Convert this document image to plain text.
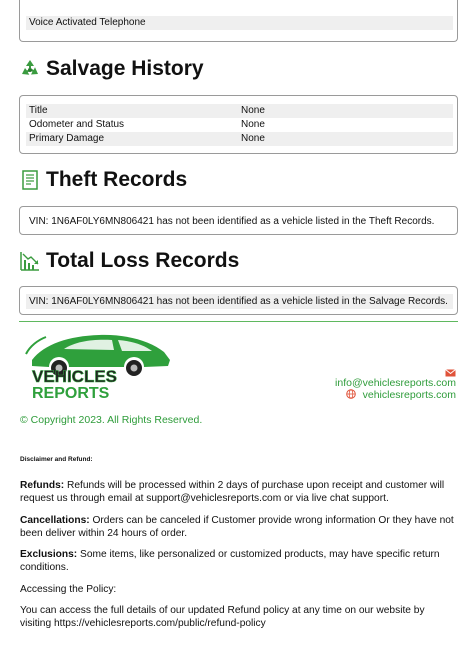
Voice Activated Telephone
Salvage History
Title	None
Odometer and Status	None
Primary Damage	None
Theft Records
VIN: 1N6AF0LY6MN806421 has not been identified as a vehicle listed in the Theft Records.
Total Loss Records
VIN: 1N6AF0LY6MN806421 has not been identified as a vehicle listed in the Salvage Records.
VEHICLES
REPORTS
info@vehiclesreports.com
vehiclesreports.com
© Copyright 2023. All Rights Reserved.
Disclaimer and Refund:
Refunds: Refunds will be processed within 2 days of purchase upon receipt and customer will request us through email at support@vehiclesreports.com or via live chat support.
Cancellations: Orders can be canceled if Customer provide wrong information Or they have not been deliver within 24 hours of order.
Exclusions: Some items, like personalized or customized products, may have specific return conditions.
Accessing the Policy:
You can access the full details of our updated Refund policy at any time on our website by visiting https://vehiclesreports.com/public/refund-policy
